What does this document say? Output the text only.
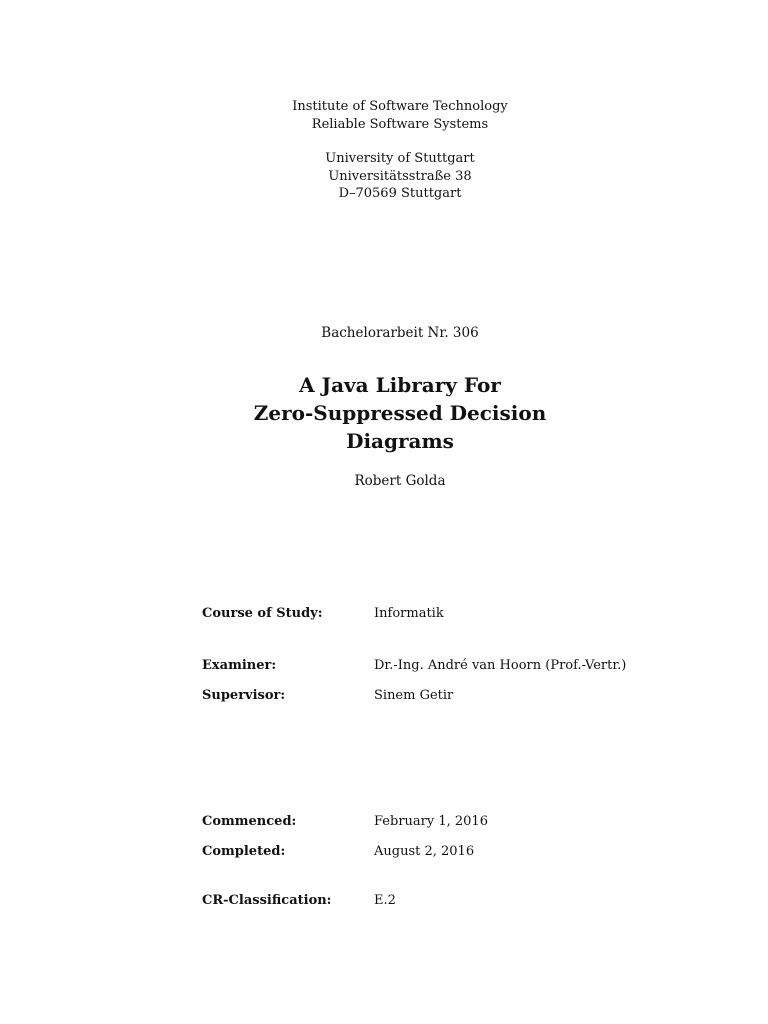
Institute of Software Technology
Reliable Software Systems
University of Stuttgart
Universitätsstraße 38
D–70569 Stuttgart
Bachelorarbeit Nr. 306
A Java Library For
Zero-Suppressed Decision
Diagrams
Robert Golda
Course of Study:	Informatik
Examiner:	Dr.-Ing. André van Hoorn (Prof.-Vertr.)
Supervisor:	Sinem Getir
Commenced:	February 1, 2016
Completed:	August 2, 2016
CR-Classification:	E.2
